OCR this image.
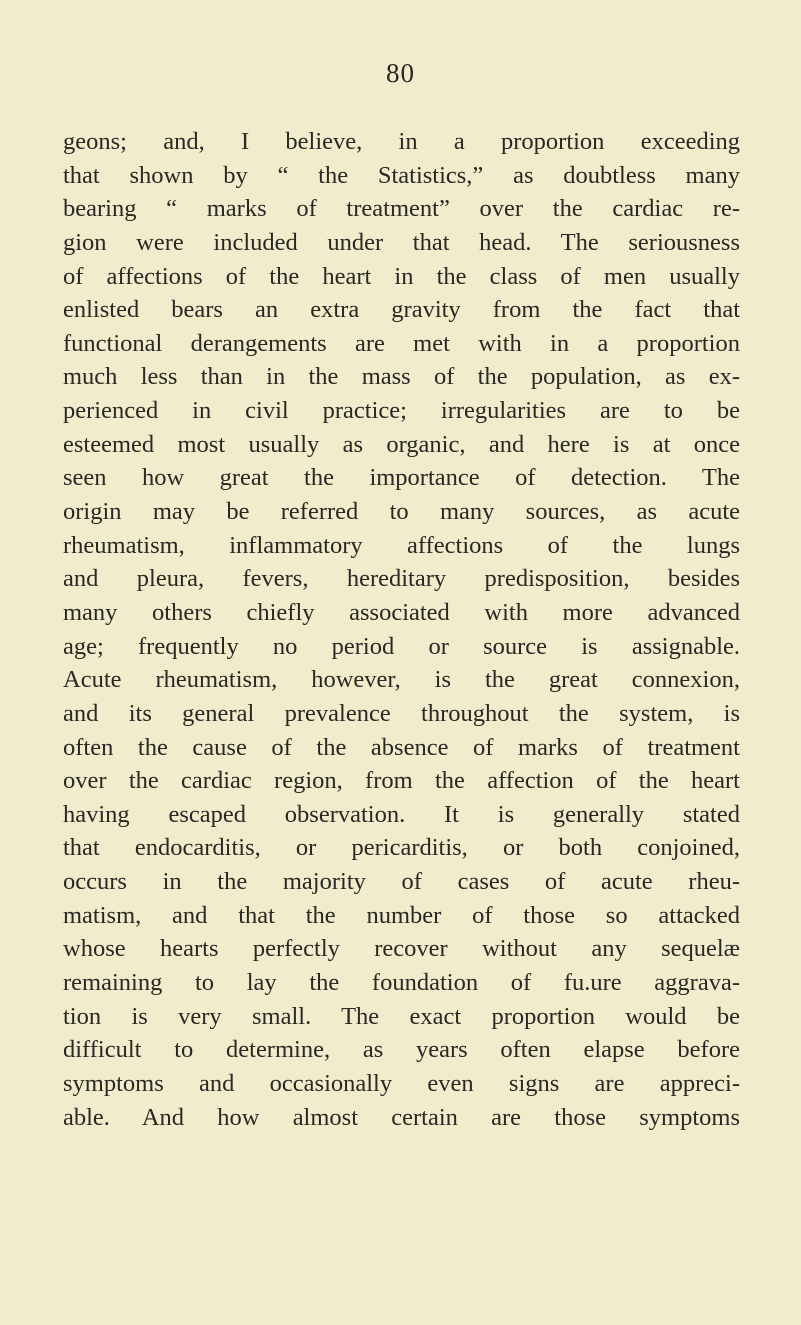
80
geons; and, I believe, in a proportion exceeding
that shown by “ the Statistics,” as doubtless many
bearing “ marks of treatment” over the cardiac re-
gion were included under that head. The seriousness
of affections of the heart in the class of men usually
enlisted bears an extra gravity from the fact that
functional derangements are met with in a proportion
much less than in the mass of the population, as ex-
perienced in civil practice; irregularities are to be
esteemed most usually as organic, and here is at once
seen how great the importance of detection. The
origin may be referred to many sources, as acute
rheumatism, inflammatory affections of the lungs
and pleura, fevers, hereditary predisposition, besides
many others chiefly associated with more advanced
age; frequently no period or source is assignable.
Acute rheumatism, however, is the great connexion,
and its general prevalence throughout the system, is
often the cause of the absence of marks of treatment
over the cardiac region, from the affection of the heart
having escaped observation. It is generally stated
that endocarditis, or pericarditis, or both conjoined,
occurs in the majority of cases of acute rheu-
matism, and that the number of those so attacked
whose hearts perfectly recover without any sequelæ
remaining to lay the foundation of fu.ure aggrava-
tion is very small. The exact proportion would be
difficult to determine, as years often elapse before
symptoms and occasionally even signs are appreci-
able. And how almost certain are those symptoms
